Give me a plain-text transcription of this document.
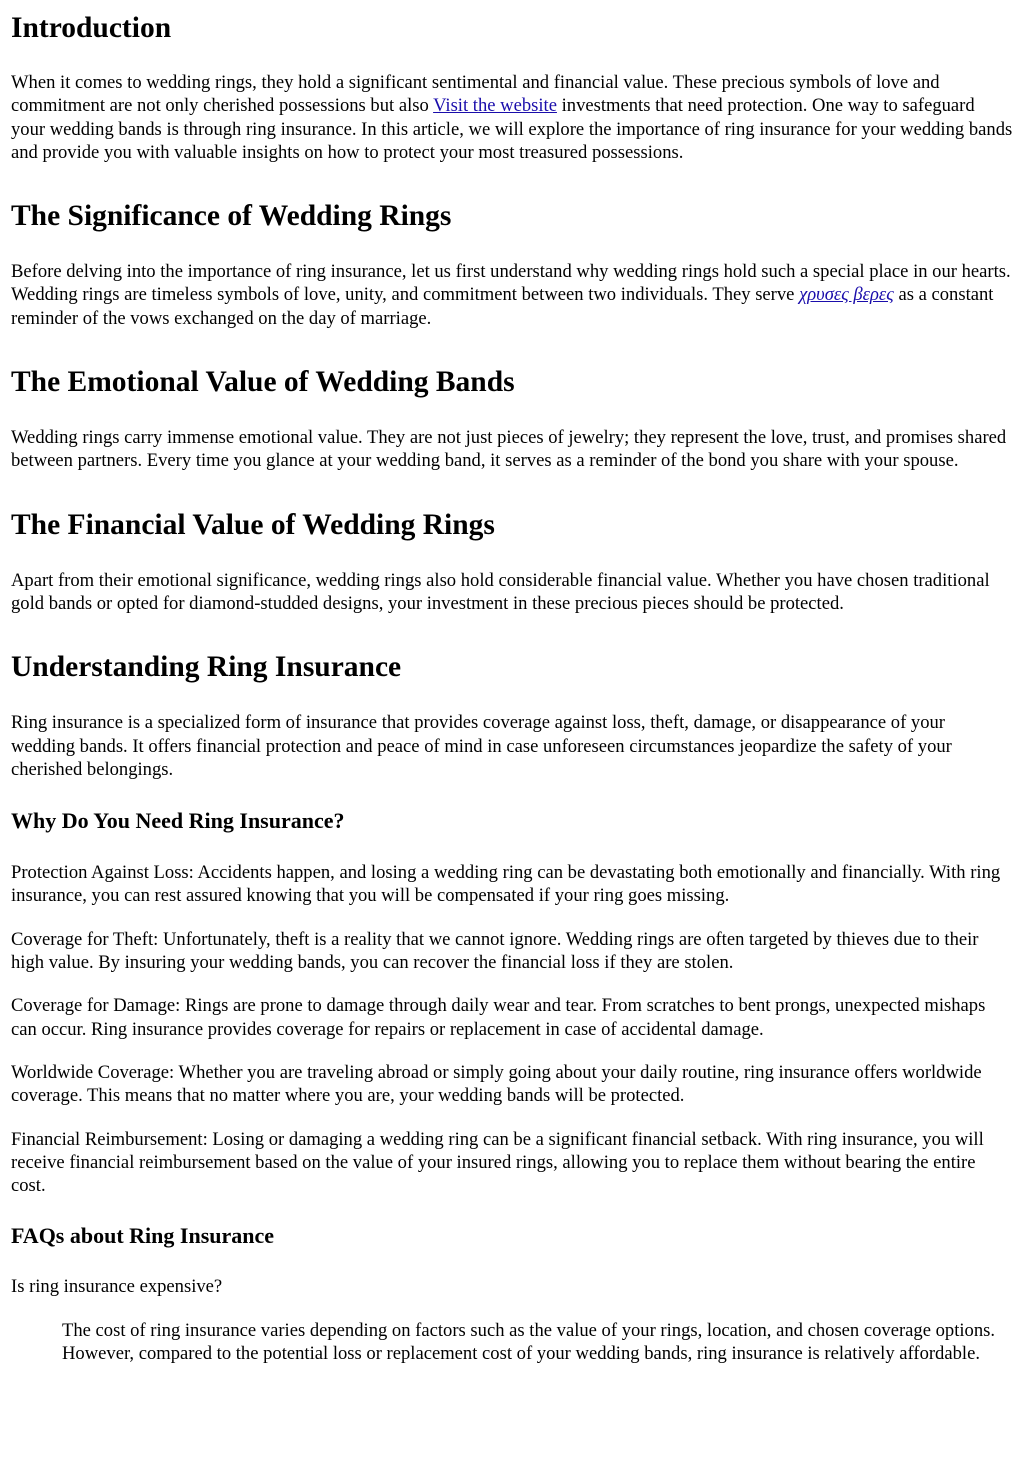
Introduction

When it comes to wedding rings, they hold a significant sentimental and financial value. These precious symbols of love and commitment are not only cherished possessions but also Visit the website investments that need protection. One way to safeguard your wedding bands is through ring insurance. In this article, we will explore the importance of ring insurance for your wedding bands and provide you with valuable insights on how to protect your most treasured possessions.

The Significance of Wedding Rings

Before delving into the importance of ring insurance, let us first understand why wedding rings hold such a special place in our hearts. Wedding rings are timeless symbols of love, unity, and commitment between two individuals. They serve χρυσες βερες as a constant reminder of the vows exchanged on the day of marriage.

The Emotional Value of Wedding Bands

Wedding rings carry immense emotional value. They are not just pieces of jewelry; they represent the love, trust, and promises shared between partners. Every time you glance at your wedding band, it serves as a reminder of the bond you share with your spouse.

The Financial Value of Wedding Rings

Apart from their emotional significance, wedding rings also hold considerable financial value. Whether you have chosen traditional gold bands or opted for diamond-studded designs, your investment in these precious pieces should be protected.

Understanding Ring Insurance

Ring insurance is a specialized form of insurance that provides coverage against loss, theft, damage, or disappearance of your wedding bands. It offers financial protection and peace of mind in case unforeseen circumstances jeopardize the safety of your cherished belongings.

Why Do You Need Ring Insurance?

Protection Against Loss: Accidents happen, and losing a wedding ring can be devastating both emotionally and financially. With ring insurance, you can rest assured knowing that you will be compensated if your ring goes missing.

Coverage for Theft: Unfortunately, theft is a reality that we cannot ignore. Wedding rings are often targeted by thieves due to their high value. By insuring your wedding bands, you can recover the financial loss if they are stolen.

Coverage for Damage: Rings are prone to damage through daily wear and tear. From scratches to bent prongs, unexpected mishaps can occur. Ring insurance provides coverage for repairs or replacement in case of accidental damage.

Worldwide Coverage: Whether you are traveling abroad or simply going about your daily routine, ring insurance offers worldwide coverage. This means that no matter where you are, your wedding bands will be protected.

Financial Reimbursement: Losing or damaging a wedding ring can be a significant financial setback. With ring insurance, you will receive financial reimbursement based on the value of your insured rings, allowing you to replace them without bearing the entire cost.

FAQs about Ring Insurance

Is ring insurance expensive?

The cost of ring insurance varies depending on factors such as the value of your rings, location, and chosen coverage options. However, compared to the potential loss or replacement cost of your wedding bands, ring insurance is relatively affordable.
